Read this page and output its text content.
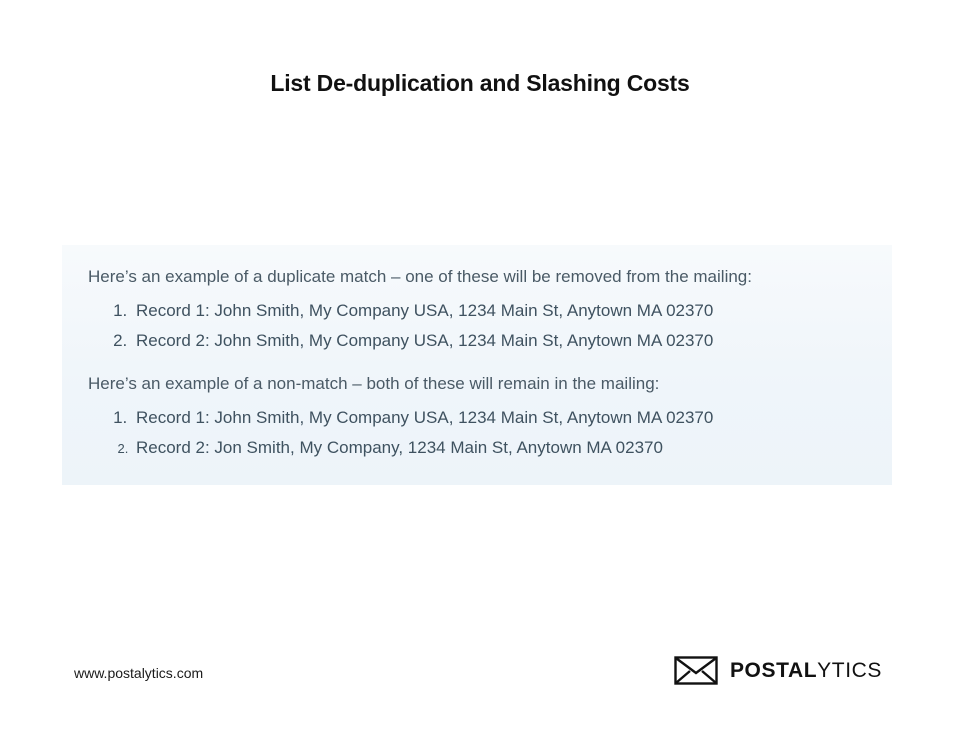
List De-duplication and Slashing Costs
Here’s an example of a duplicate match – one of these will be removed from the mailing:
1. Record 1: John Smith, My Company USA, 1234 Main St, Anytown MA 02370
2. Record 2: John Smith, My Company USA, 1234 Main St, Anytown MA 02370
Here’s an example of a non-match – both of these will remain in the mailing:
1. Record 1: John Smith, My Company USA, 1234 Main St, Anytown MA 02370
2. Record 2: Jon Smith, My Company, 1234 Main St, Anytown MA 02370
www.postalytics.com	POSTALYTICS
